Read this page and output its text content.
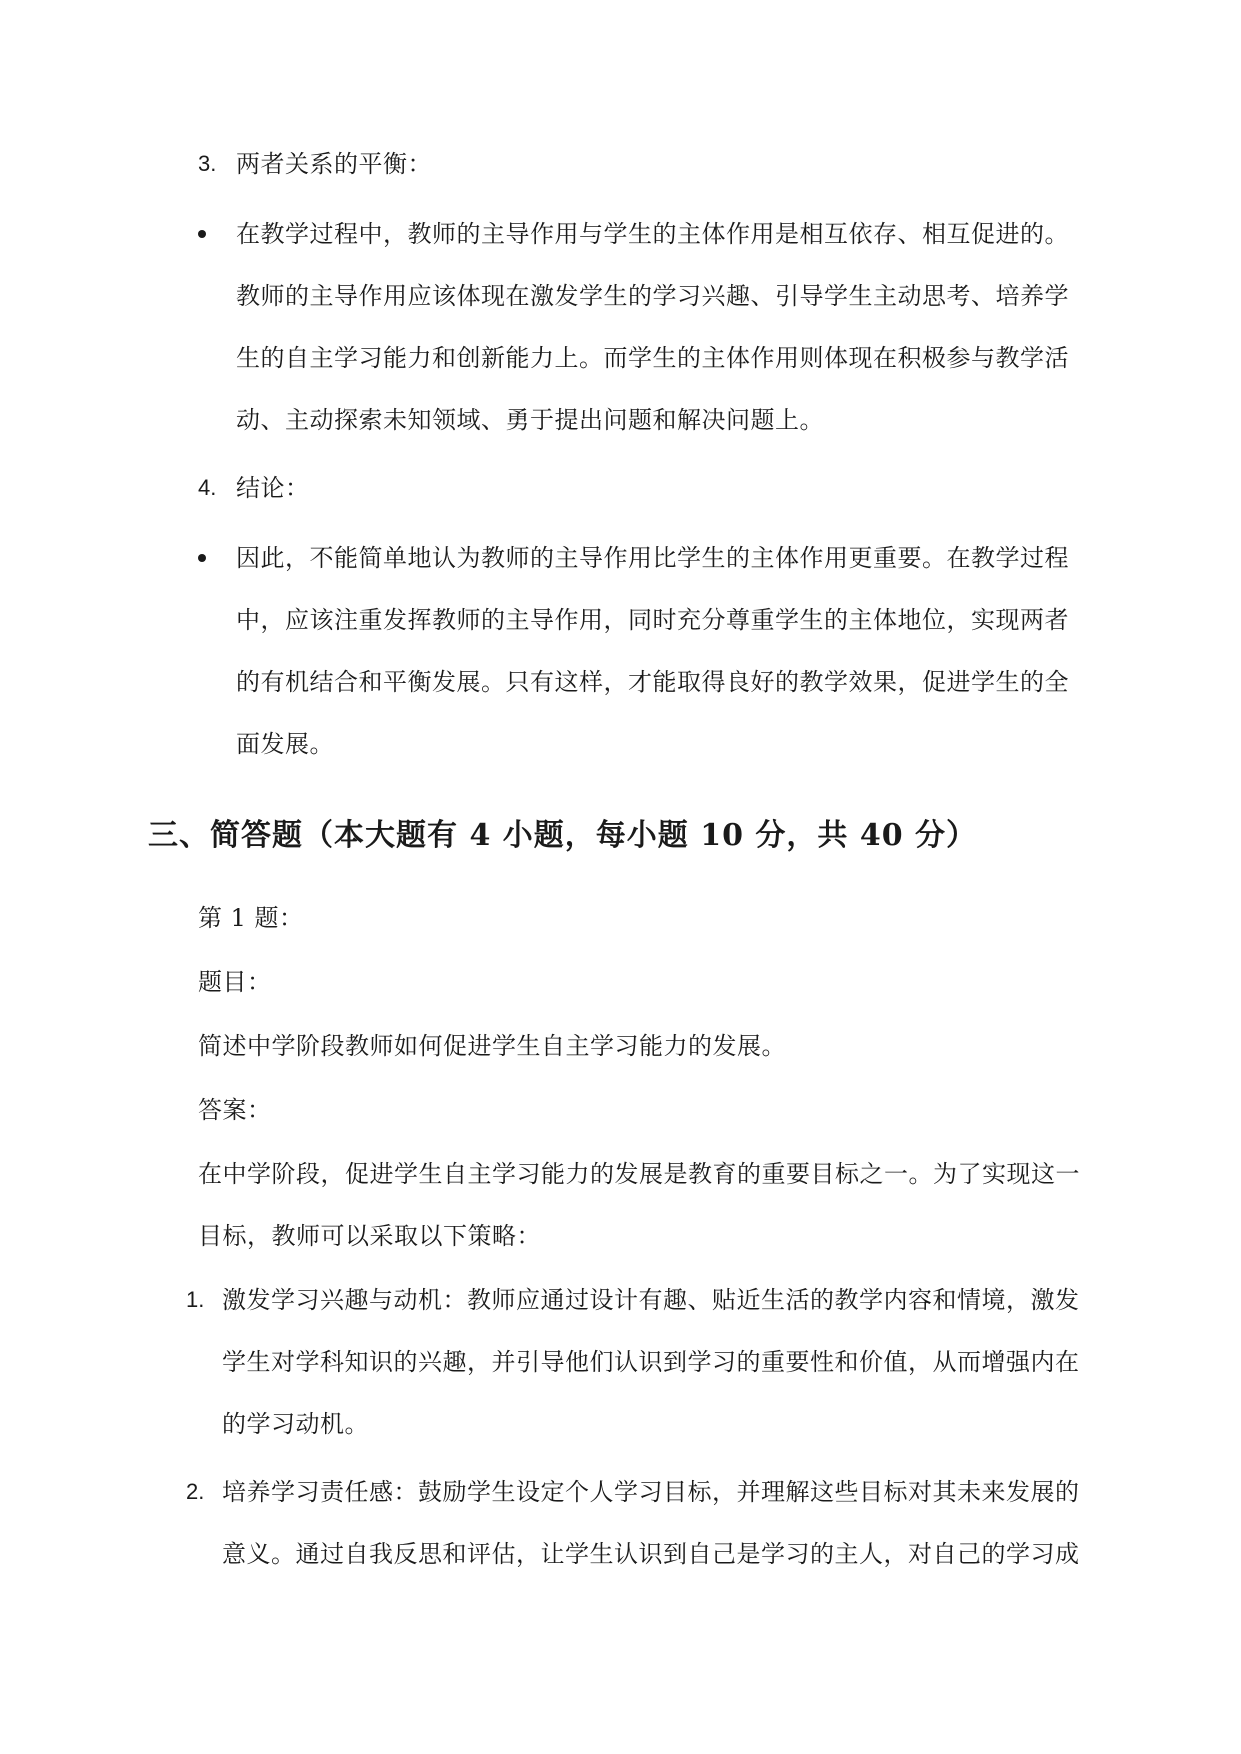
3. 两者关系的平衡：
在教学过程中，教师的主导作用与学生的主体作用是相互依存、相互促进的。
教师的主导作用应该体现在激发学生的学习兴趣、引导学生主动思考、培养学
生的自主学习能力和创新能力上。而学生的主体作用则体现在积极参与教学活
动、主动探索未知领域、勇于提出问题和解决问题上。
4. 结论：
因此，不能简单地认为教师的主导作用比学生的主体作用更重要。在教学过程
中，应该注重发挥教师的主导作用，同时充分尊重学生的主体地位，实现两者
的有机结合和平衡发展。只有这样，才能取得良好的教学效果，促进学生的全
面发展。
三、简答题（本大题有 4 小题，每小题 10 分，共 40 分）
第 1 题：
题目：
简述中学阶段教师如何促进学生自主学习能力的发展。
答案：
在中学阶段，促进学生自主学习能力的发展是教育的重要目标之一。为了实现这一
目标，教师可以采取以下策略：
1. 激发学习兴趣与动机：教师应通过设计有趣、贴近生活的教学内容和情境，激发
学生对学科知识的兴趣，并引导他们认识到学习的重要性和价值，从而增强内在
的学习动机。
2. 培养学习责任感：鼓励学生设定个人学习目标，并理解这些目标对其未来发展的
意义。通过自我反思和评估，让学生认识到自己是学习的主人，对自己的学习成
